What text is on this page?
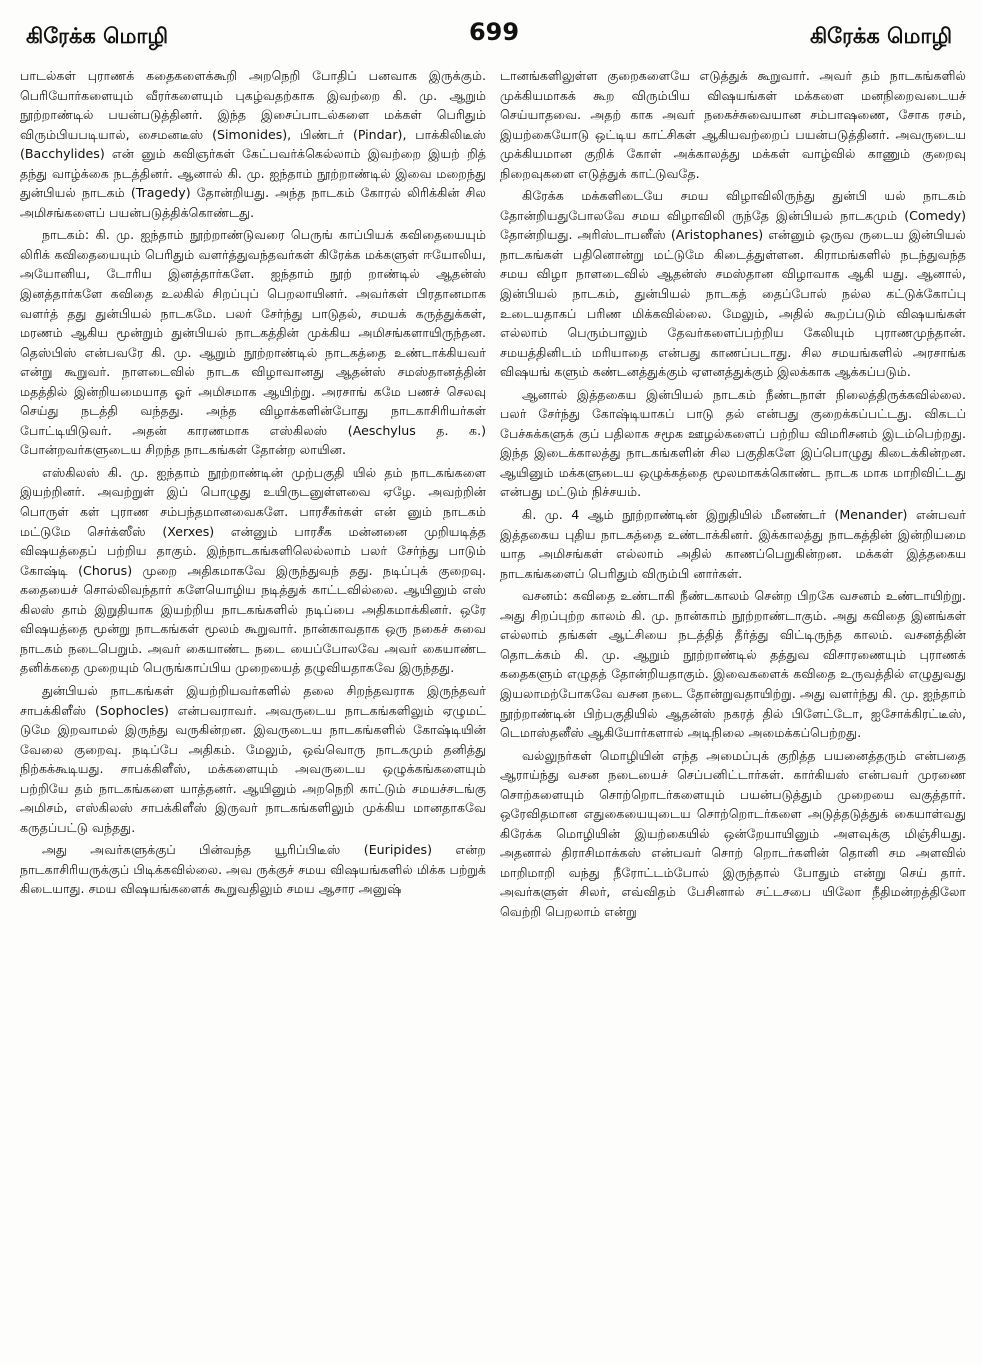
கிரேக்க மொழி	699	கிரேக்க மொழி

பாடல்கள் புராணக் கதைகளைக்கூறி அறநெறி போதிப் பனவாக இருக்கும். பெரியோர்களையும் வீரர்களையும் புகழ்வதற்காக இவற்றை கி. மு. ஆறும் நூற்றாண்டில் பயன்படுத்தினர். இந்த இசைப்பாடல்களை மக்கள் பெரிதும் விரும்பியபடியால், சைமனடீஸ் (Simonides), பிண்டர் (Pindar), பாக்கிலிடீஸ் (Bacchylides) என் னும் கவிஞர்கள் கேட்பவர்க்கெல்லாம் இவற்றை இயற் றித் தந்து வாழ்க்கை நடத்தினர். ஆனால் கி. மு. ஐந்தாம் நூற்றாண்டில் இவை மறைந்து துன்பியல் நாடகம் (Tragedy) தோன்றியது. அந்த நாடகம் கோரல் லிரிக்கின் சில அமிசங்களைப் பயன்படுத்திக்கொண்டது.

நாடகம்: கி. மு. ஐந்தாம் நூற்றாண்டுவரை பெருங் காப்பியக் கவிதையையும் லிரிக் கவிதையையும் பெரிதும் வளர்த்துவந்தவர்கள் கிரேக்க மக்களுள் ஈயோலிய, அயோனிய, டோரிய இனத்தார்களே. ஐந்தாம் நூற் றாண்டில் ஆதன்ஸ் இனத்தார்களே கவிதை உலகில் சிறப்புப் பெறலாயினர். அவர்கள் பிரதானமாக வளர்த் தது துன்பியல் நாடகமே. பலர் சேர்ந்து பாடுதல், சமயக் கருத்துக்கள், மரணம் ஆகிய மூன்றும் துன்பியல் நாடகத்தின் முக்கிய அமிசங்களாயிருந்தன. தெஸ்பிஸ் என்பவரே கி. மு. ஆறும் நூற்றாண்டில் நாடகத்தை உண்டாக்கியவர் என்று கூறுவர். நாளடைவில் நாடக விழாவானது ஆதன்ஸ் சமஸ்தானத்தின் மதத்தில் இன்றியமையாத ஓர் அமிசமாக ஆயிற்று. அரசாங் கமே பணச் செலவு செய்து நடத்தி வந்தது. அந்த விழாக்களின்போது நாடகாசிரியர்கள் போட்டியிடுவர். அதன் காரணமாக எஸ்கிலஸ் (Aeschylus த. க.) போன்றவர்களுடைய சிறந்த நாடகங்கள் தோன்ற லாயின.

எஸ்கிலஸ் கி. மு. ஐந்தாம் நூற்றாண்டின் முற்பகுதி யில் தம் நாடகங்களை இயற்றினர். அவற்றுள் இப் பொழுது உயிருடனுள்ளவை ஏழே. அவற்றின் பொருள் கள் புராண சம்பந்தமானவைகளே. பாரசீகர்கள் என் னும் நாடகம் மட்டுமே செர்க்ஸீஸ் (Xerxes) என்னும் பாரசீக மன்னனை முறியடித்த விஷயத்தைப் பற்றிய தாகும். இந்நாடகங்களிலெல்லாம் பலர் சேர்ந்து பாடும் கோஷ்டி (Chorus) முறை அதிகமாகவே இருந்துவந் தது. நடிப்புக் குறைவு. கதையைச் சொல்லிவந்தார் களேயொழிய நடித்துக் காட்டவில்லை. ஆயினும் எஸ் கிலஸ் தாம் இறுதியாக இயற்றிய நாடகங்களில் நடிப்பை அதிகமாக்கினர். ஒரே விஷயத்தை மூன்று நாடகங்கள் மூலம் கூறுவார். நான்காவதாக ஒரு நகைச் சுவை நாடகம் நடைபெறும். அவர் கையாண்ட நடை யைப்போலவே அவர் கையாண்ட தனிக்கதை முறையும் பெருங்காப்பிய முறையைத் தழுவியதாகவே இருந்தது.

துன்பியல் நாடகங்கள் இயற்றியவர்களில் தலை சிறந்தவராக இருந்தவர் சாபக்கிளீஸ் (Sophocles) என்பவராவர். அவருடைய நாடகங்களிலும் ஏழுமட் டுமே இறவாமல் இருந்து வருகின்றன. இவருடைய நாடகங்களில் கோஷ்டியின் வேலை குறைவு. நடிப்பே அதிகம். மேலும், ஒவ்வொரு நாடகமும் தனித்து நிற்கக்கூடியது. சாபக்கிளீஸ், மக்களையும் அவருடைய ஒழுக்கங்களையும் பற்றியே தம் நாடகங்களை யாத்தனர். ஆயினும் அறநெறி காட்டும் சமயச்சடங்கு அமிசம், எஸ்கிலஸ் சாபக்கிளீஸ் இருவர் நாடகங்களிலும் முக்கிய மானதாகவே கருதப்பட்டு வந்தது.

அது அவர்களுக்குப் பின்வந்த யூரிப்பிடீஸ் (Euripides) என்ற நாடகாசிரியருக்குப் பிடிக்கவில்லை. அவ ருக்குச் சமய விஷயங்களில் மிக்க பற்றுக் கிடையாது. சமய விஷயங்களைக் கூறுவதிலும் சமய ஆசார அனுஷ்

டானங்களிலுள்ள குறைகளையே எடுத்துக் கூறுவார். அவர் தம் நாடகங்களில் முக்கியமாகக் கூற விரும்பிய விஷயங்கள் மக்களை மனநிறைவடையச் செய்யாதவை. அதற் காக அவர் நகைச்சுவையான சம்பாஷணை, சோக ரசம், இயற்கையோடு ஒட்டிய காட்சிகள் ஆகியவற்றைப் பயன்படுத்தினர். அவருடைய முக்கியமான குறிக் கோள் அக்காலத்து மக்கள் வாழ்வில் காணும் குறைவு நிறைவுகளை எடுத்துக் காட்டுவதே.

கிரேக்க மக்களிடையே சமய விழாவிலிருந்து துன்பி யல் நாடகம் தோன்றியதுபோலவே சமய விழாவிலி ருந்தே இன்பியல் நாடகமும் (Comedy) தோன்றியது. அரிஸ்டாபனீஸ் (Aristophanes) என்னும் ஒருவ ருடைய இன்பியல் நாடகங்கள் பதினொன்று மட்டுமே கிடைத்துள்ளன. கிராமங்களில் நடந்துவந்த சமய விழா நாளடைவில் ஆதன்ஸ் சமஸ்தான விழாவாக ஆகி யது. ஆனால், இன்பியல் நாடகம், துன்பியல் நாடகத் தைப்போல் நல்ல கட்டுக்கோப்பு உடையதாகப் பரிண மிக்கவில்லை. மேலும், அதில் கூறப்படும் விஷயங்கள் எல்லாம் பெரும்பாலும் தேவர்களைப்பற்றிய கேலியும் புராணமுந்தான். சமயத்தினிடம் மரியாதை என்பது காணப்படாது. சில சமயங்களில் அரசாங்க விஷயங் களும் கண்டனத்துக்கும் ஏளனத்துக்கும் இலக்காக ஆக்கப்படும்.

ஆனால் இத்தகைய இன்பியல் நாடகம் நீண்டநாள் நிலைத்திருக்கவில்லை. பலர் சேர்ந்து கோஷ்டியாகப் பாடு தல் என்பது குறைக்கப்பட்டது. விகடப் பேச்சுக்களுக் குப் பதிலாக சமூக ஊழல்களைப் பற்றிய விமரிசனம் இடம்பெற்றது. இந்த இடைக்காலத்து நாடகங்களின் சில பகுதிகளே இப்பொழுது கிடைக்கின்றன. ஆயினும் மக்களுடைய ஒழுக்கத்தை மூலமாகக்கொண்ட நாடக மாக மாறிவிட்டது என்பது மட்டும் நிச்சயம்.

கி. மு. 4 ஆம் நூற்றாண்டின் இறுதியில் மீனண்டர் (Menander) என்பவர் இத்தகைய புதிய நாடகத்தை உண்டாக்கினர். இக்காலத்து நாடகத்தின் இன்றியமை யாத அமிசங்கள் எல்லாம் அதில் காணப்பெறுகின்றன. மக்கள் இத்தகைய நாடகங்களைப் பெரிதும் விரும்பி னார்கள்.

வசனம்: கவிதை உண்டாகி நீண்டகாலம் சென்ற பிறகே வசனம் உண்டாயிற்று. அது சிறப்புற்ற காலம் கி. மு. நான்காம் நூற்றாண்டாகும். அது கவிதை இனங்கள் எல்லாம் தங்கள் ஆட்சியை நடத்தித் தீர்த்து விட்டிருந்த காலம். வசனத்தின் தொடக்கம் கி. மு. ஆறும் நூற்றாண்டில் தத்துவ விசாரணையும் புராணக் கதைகளும் எழுதத் தோன்றியதாகும். இவைகளைக் கவிதை உருவத்தில் எழுதுவது இயலாமற்போகவே வசன நடை தோன்றுவதாயிற்று. அது வளர்ந்து கி. மு. ஐந்தாம் நூற்றாண்டின் பிற்பகுதியில் ஆதன்ஸ் நகரத் தில் பிளேட்டோ, ஐசோக்கிரட்டீஸ், டெமாஸ்தனீஸ் ஆகியோர்களால் அடிநிலை அமைக்கப்பெற்றது.

வல்லுநர்கள் மொழியின் எந்த அமைப்புக் குறித்த பயனைத்தரும் என்பதை ஆராய்ந்து வசன நடையைச் செப்பனிட்டார்கள். கார்கியஸ் என்பவர் முரணை சொற்களையும் சொற்றொடர்களையும் பயன்படுத்தும் முறையை வகுத்தார். ஒரேவிதமான எதுகையையுடைய சொற்றொடர்களை அடுத்தடுத்துக் கையாள்வது கிரேக்க மொழியின் இயற்கையில் ஒன்றேயாயினும் அளவுக்கு மிஞ்சியது. அதனால் திராசிமாக்கஸ் என்பவர் சொற் றொடர்களின் தொனி சம அளவில் மாறிமாறி வந்து நீரோட்டம்போல் இருந்தால் போதும் என்று செய் தார். அவர்களுள் சிலர், எவ்விதம் பேசினால் சட்டசபை யிலோ நீதிமன்றத்திலோ வெற்றி பெறலாம் என்று
